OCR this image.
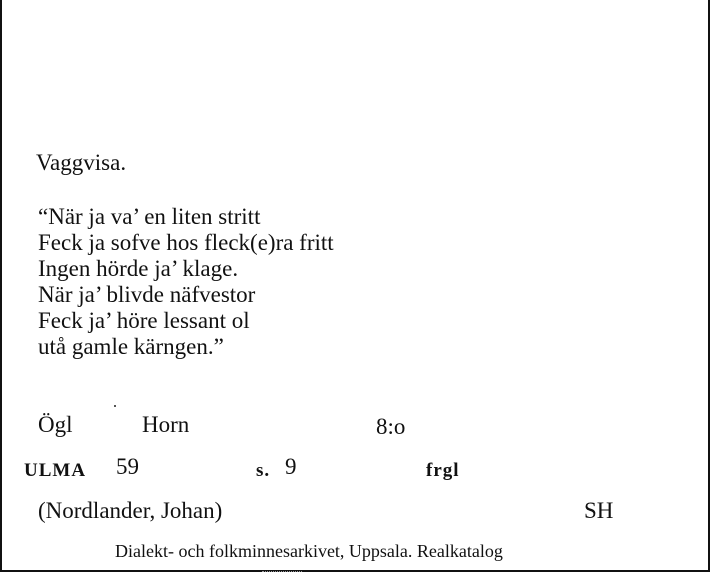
Vaggvisa.
“När ja va’ en liten stritt
Feck ja sofve hos fleck(e)ra fritt
Ingen hörde ja’ klage.
När ja’ blivde näfvestor
Feck ja’ höre lessant ol
utå gamle kärngen.”
Ögl	Horn	8:o
ULMA 59	s. 9	frgl
(Nordlander, Johan)	SH
Dialekt- och folkminnesarkivet, Uppsala. Realkatalog
